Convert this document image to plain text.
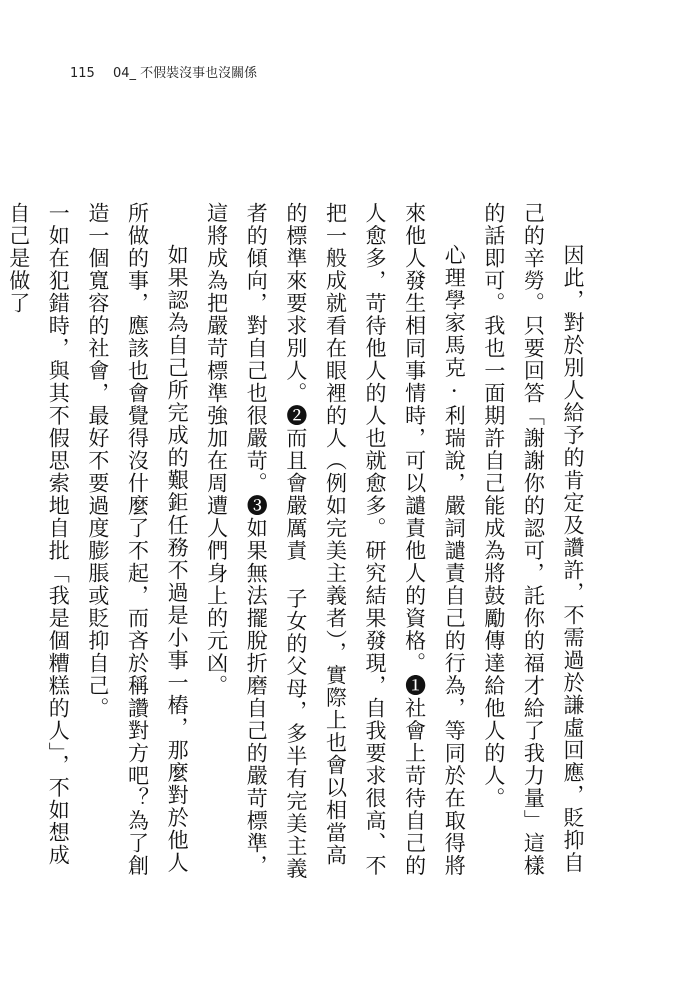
115 04_ 不假裝沒事也沒關係

因此，對於別人給予的肯定及讚許，不需過於謙虛回應，貶抑自己的辛勞。只要回答「謝謝你的認可，託你的福才給了我力量」這樣的話即可。我也一面期許自己能成為將鼓勵傳達給他人的人。

心理學家馬克·利瑞說，嚴詞譴責自己的行為，等同於在取得將來他人發生相同事情時，可以譴責他人的資格。❶社會上苛待自己的人愈多，苛待他人的人也就愈多。研究結果發現，自我要求很高、不把一般成就看在眼裡的人（例如完美主義者），實際上也會以相當高的標準來要求別人。❷而且會嚴厲責 子女的父母，多半有完美主義者的傾向，對自己也很嚴苛。❸如果無法擺脫折磨自己的嚴苛標準，這將成為把嚴苛標準強加在周遭人們身上的元凶。

如果認為自己所完成的艱鉅任務不過是小事一樁，那麼對於他人所做的事，應該也會覺得沒什麼了不起，而吝於稱讚對方吧？為了創造一個寬容的社會，最好不要過度膨脹或貶抑自己。

一如在犯錯時，與其不假思索地自批「我是個糟糕的人」，不如想成自己是做了
